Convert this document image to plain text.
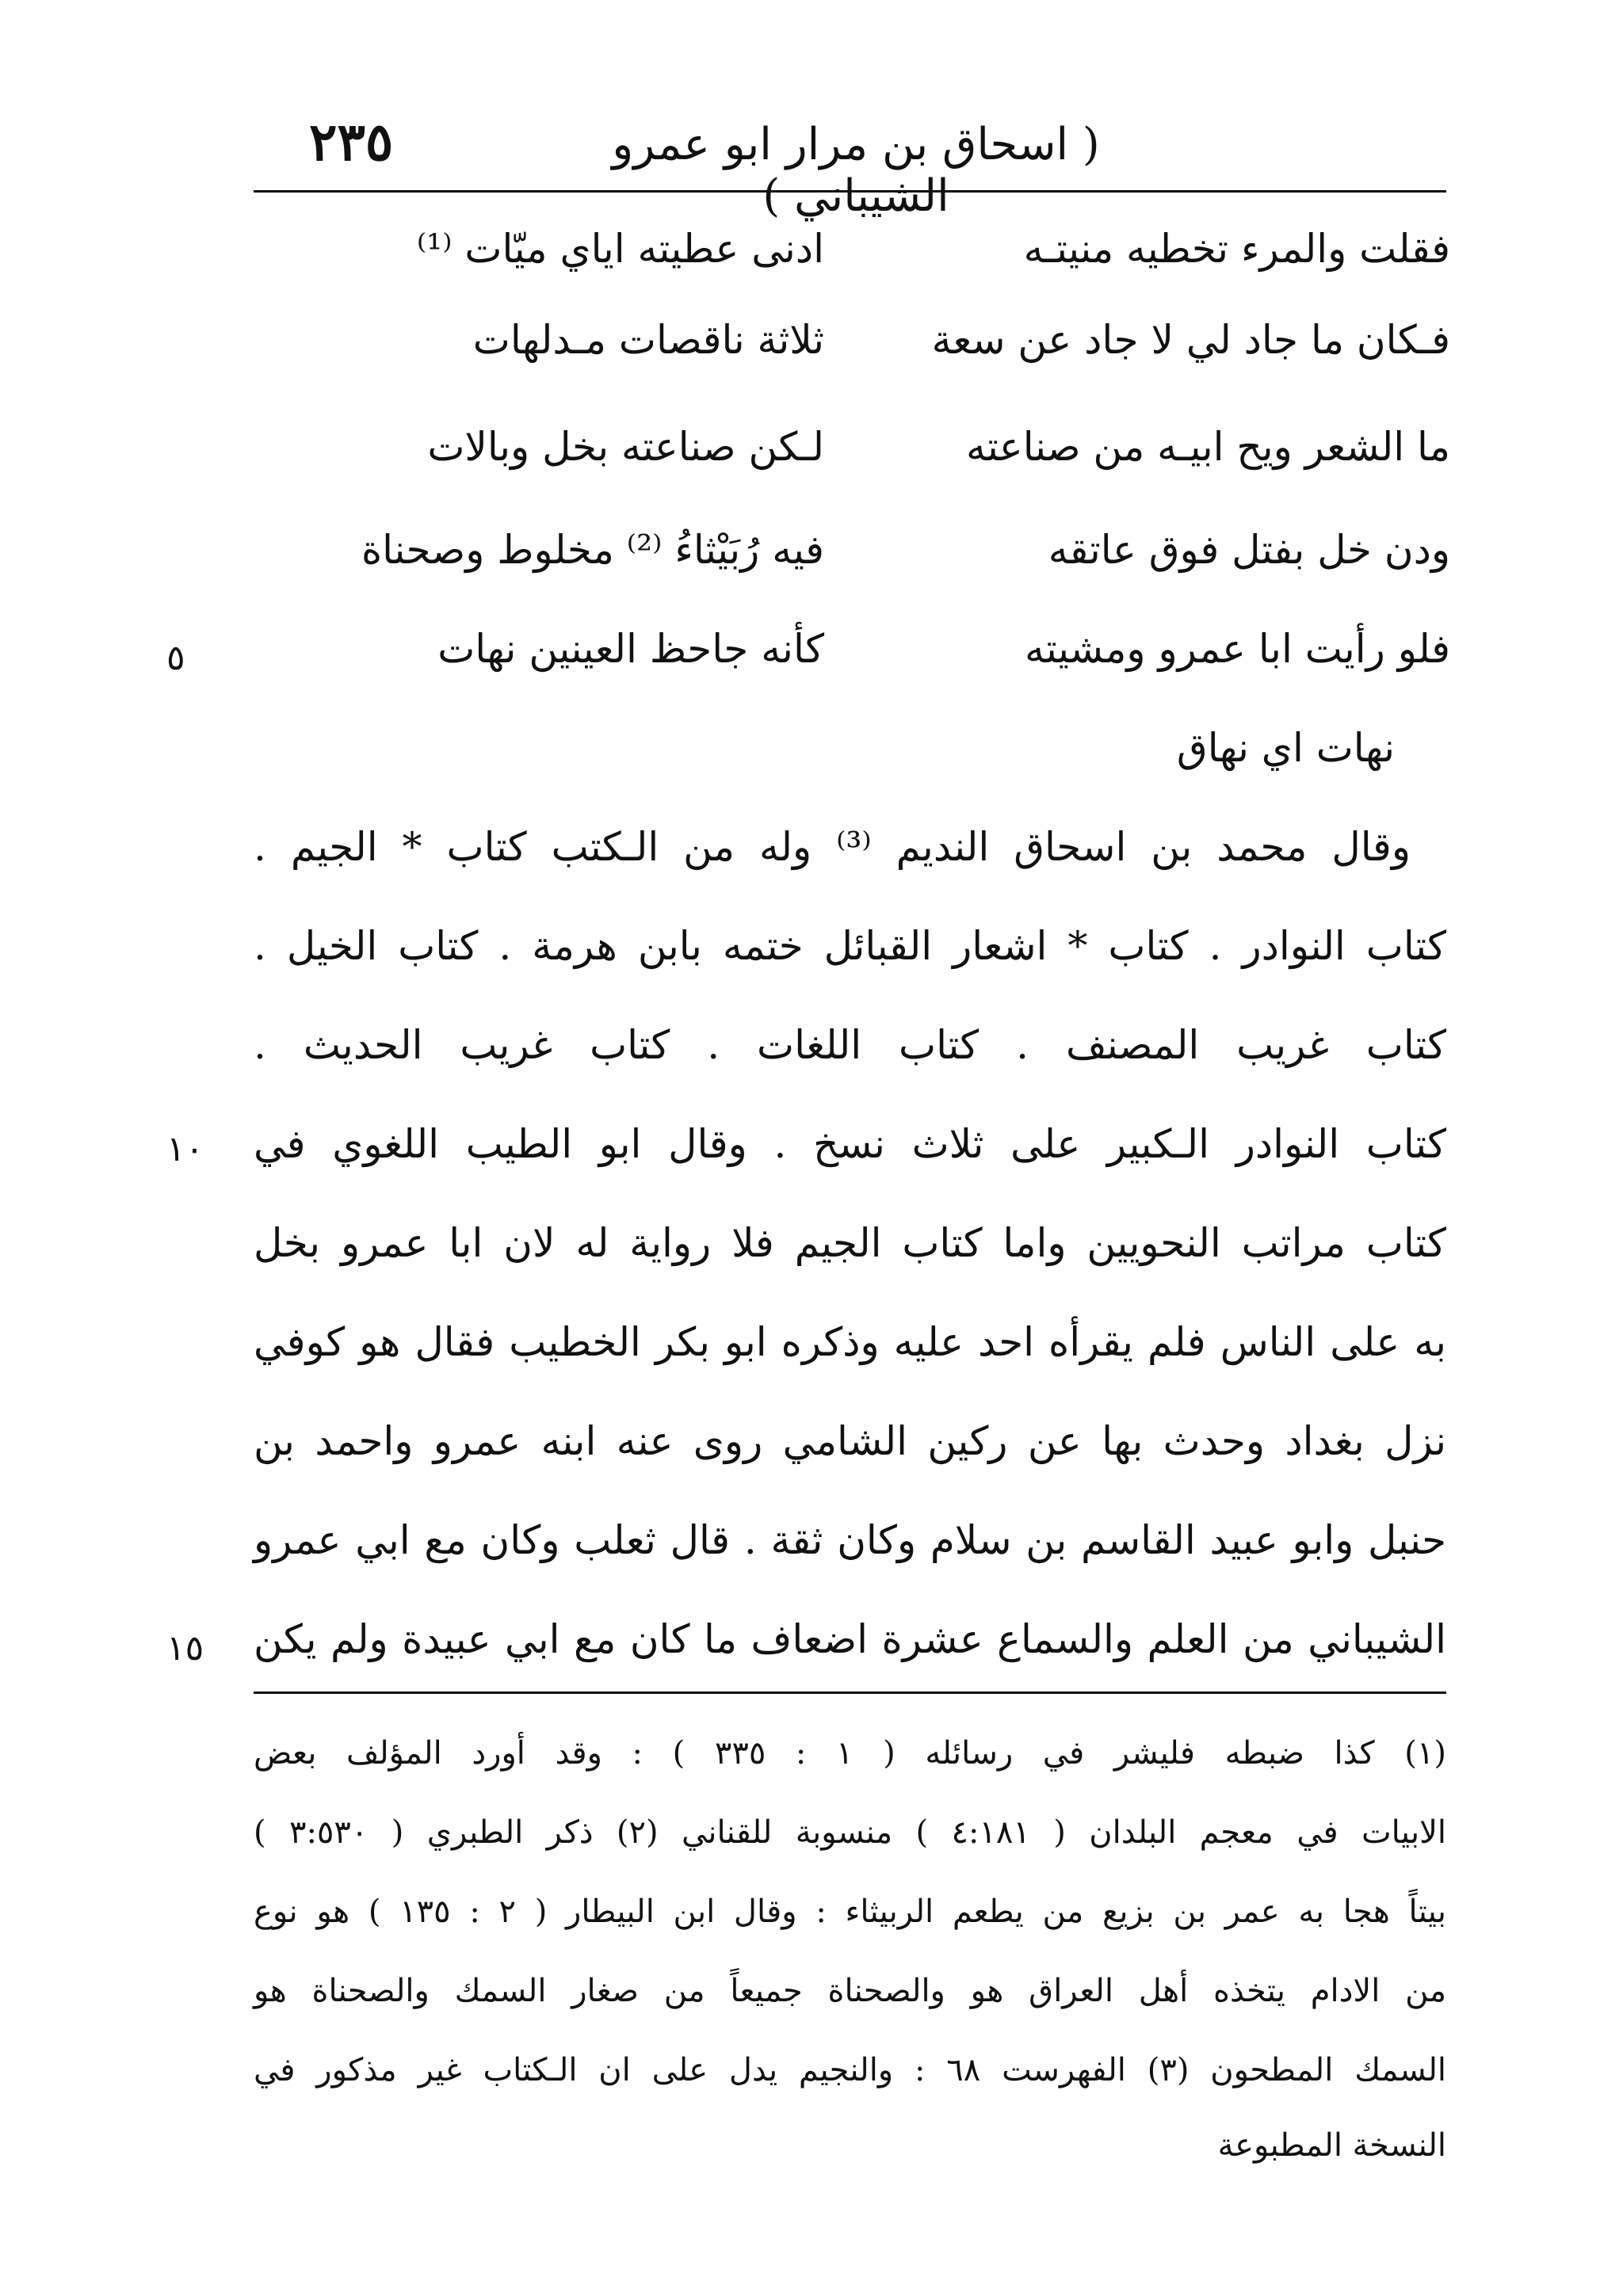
٢٣٥	( اسحاق بن مرار ابو عمرو الشيباني )
فقلت والمرء تخطيه منيتـه
ادنى عطيته اياي ميّات ⁽¹⁾
فـكان ما جاد لي لا جاد عن سعة
ثلاثة ناقصات مـدلهات
ما الشعر ويح ابيـه من صناعته
لـكن صناعته بخل وبالات
ودن خل بفتل فوق عاتقه
فيه رُبَيْثاءُ ⁽²⁾ مخلوط وصحناة
فلو رأيت ابا عمرو ومشيته
كأنه جاحظ العينين نهات
٥
نهات اي نهاق
وقال محمد بن اسحاق النديم ⁽³⁾ وله من الـكتب كتاب * الجيم .
كتاب النوادر . كتاب * اشعار القبائل ختمه بابن هرمة . كتاب الخيل .
كتاب غريب المصنف . كتاب اللغات . كتاب غريب الحديث .
كتاب النوادر الـكبير على ثلاث نسخ . وقال ابو الطيب اللغوي في
١٠
كتاب مراتب النحويين واما كتاب الجيم فلا رواية له لان ابا عمرو بخل
به على الناس فلم يقرأه احد عليه وذكره ابو بكر الخطيب فقال هو كوفي
نزل بغداد وحدث بها عن ركين الشامي روى عنه ابنه عمرو واحمد بن
حنبل وابو عبيد القاسم بن سلام وكان ثقة . قال ثعلب وكان مع ابي عمرو
الشيباني من العلم والسماع عشرة اضعاف ما كان مع ابي عبيدة ولم يكن
١٥
(١) كذا ضبطه فليشر في رسائله ( ١ : ٣٣٥ ) : وقد أورد المؤلف بعض
الابيات في معجم البلدان ( ٤:١٨١ ) منسوبة للقناني (٢) ذكر الطبري ( ٣:٥٣٠ )
بيتاً هجا به عمر بن بزيع من يطعم الربيثاء : وقال ابن البيطار ( ٢ : ١٣٥ ) هو نوع
من الادام يتخذه أهل العراق هو والصحناة جميعاً من صغار السمك والصحناة هو
السمك المطحون (٣) الفهرست ٦٨ : والنجيم يدل على ان الـكتاب غير مذكور في
النسخة المطبوعة
